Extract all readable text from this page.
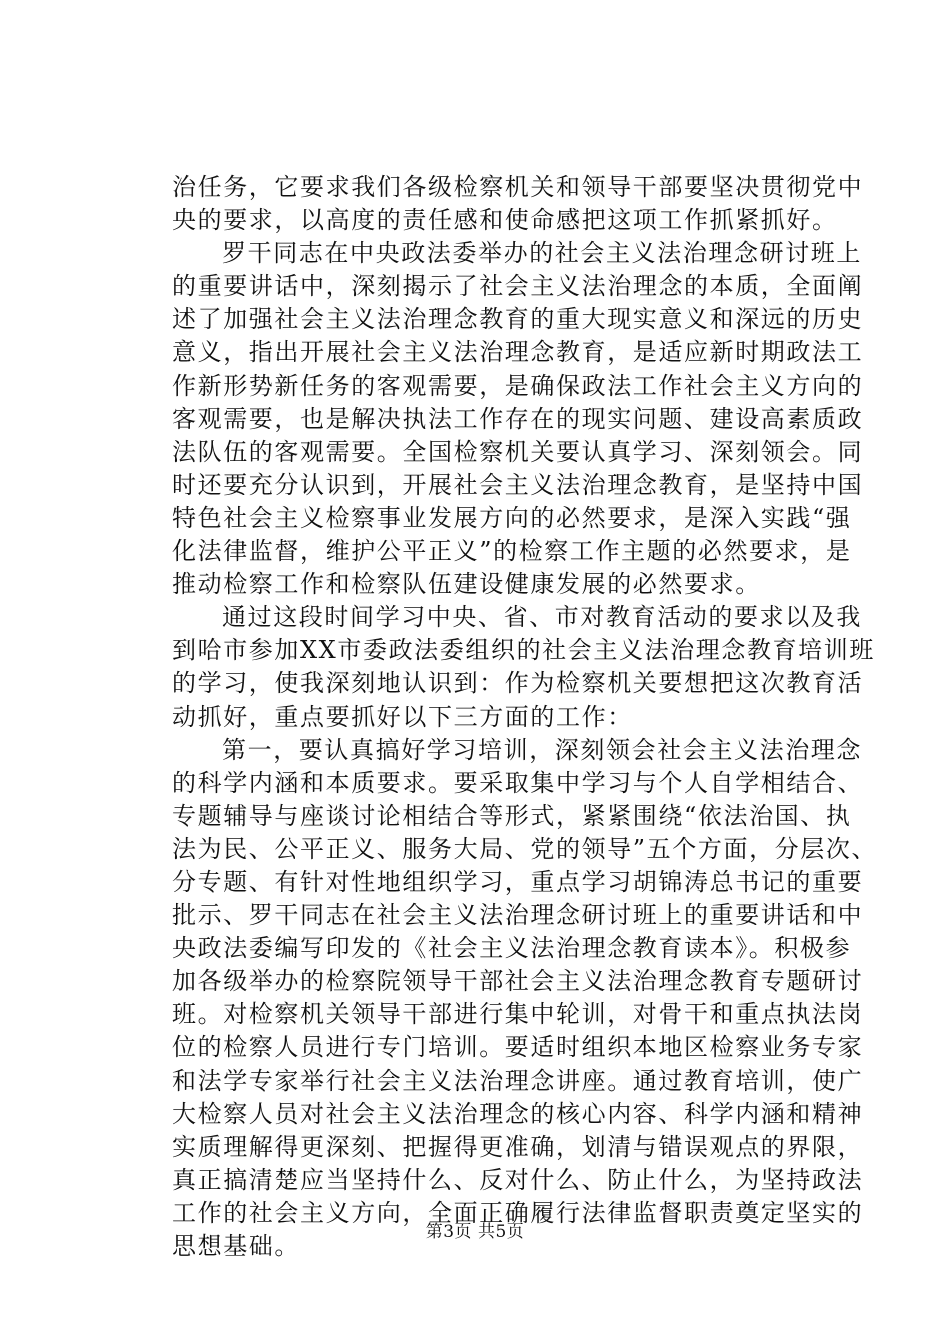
治任务，它要求我们各级检察机关和领导干部要坚决贯彻党中
央的要求，以高度的责任感和使命感把这项工作抓紧抓好。
罗干同志在中央政法委举办的社会主义法治理念研讨班上
的重要讲话中，深刻揭示了社会主义法治理念的本质，全面阐
述了加强社会主义法治理念教育的重大现实意义和深远的历史
意义，指出开展社会主义法治理念教育，是适应新时期政法工
作新形势新任务的客观需要，是确保政法工作社会主义方向的
客观需要，也是解决执法工作存在的现实问题、建设高素质政
法队伍的客观需要。全国检察机关要认真学习、深刻领会。同
时还要充分认识到，开展社会主义法治理念教育，是坚持中国
特色社会主义检察事业发展方向的必然要求，是深入实践“强
化法律监督，维护公平正义”的检察工作主题的必然要求，是
推动检察工作和检察队伍建设健康发展的必然要求。
通过这段时间学习中央、省、市对教育活动的要求以及我
到哈市参加XX市委政法委组织的社会主义法治理念教育培训班
的学习，使我深刻地认识到：作为检察机关要想把这次教育活
动抓好，重点要抓好以下三方面的工作：
第一，要认真搞好学习培训，深刻领会社会主义法治理念
的科学内涵和本质要求。要采取集中学习与个人自学相结合、
专题辅导与座谈讨论相结合等形式，紧紧围绕“依法治国、执
法为民、公平正义、服务大局、党的领导”五个方面，分层次、
分专题、有针对性地组织学习，重点学习胡锦涛总书记的重要
批示、罗干同志在社会主义法治理念研讨班上的重要讲话和中
央政法委编写印发的《社会主义法治理念教育读本》。积极参
加各级举办的检察院领导干部社会主义法治理念教育专题研讨
班。对检察机关领导干部进行集中轮训，对骨干和重点执法岗
位的检察人员进行专门培训。要适时组织本地区检察业务专家
和法学专家举行社会主义法治理念讲座。通过教育培训，使广
大检察人员对社会主义法治理念的核心内容、科学内涵和精神
实质理解得更深刻、把握得更准确，划清与错误观点的界限，
真正搞清楚应当坚持什么、反对什么、防止什么，为坚持政法
工作的社会主义方向，全面正确履行法律监督职责奠定坚实的
思想基础。	第3页 共5页
